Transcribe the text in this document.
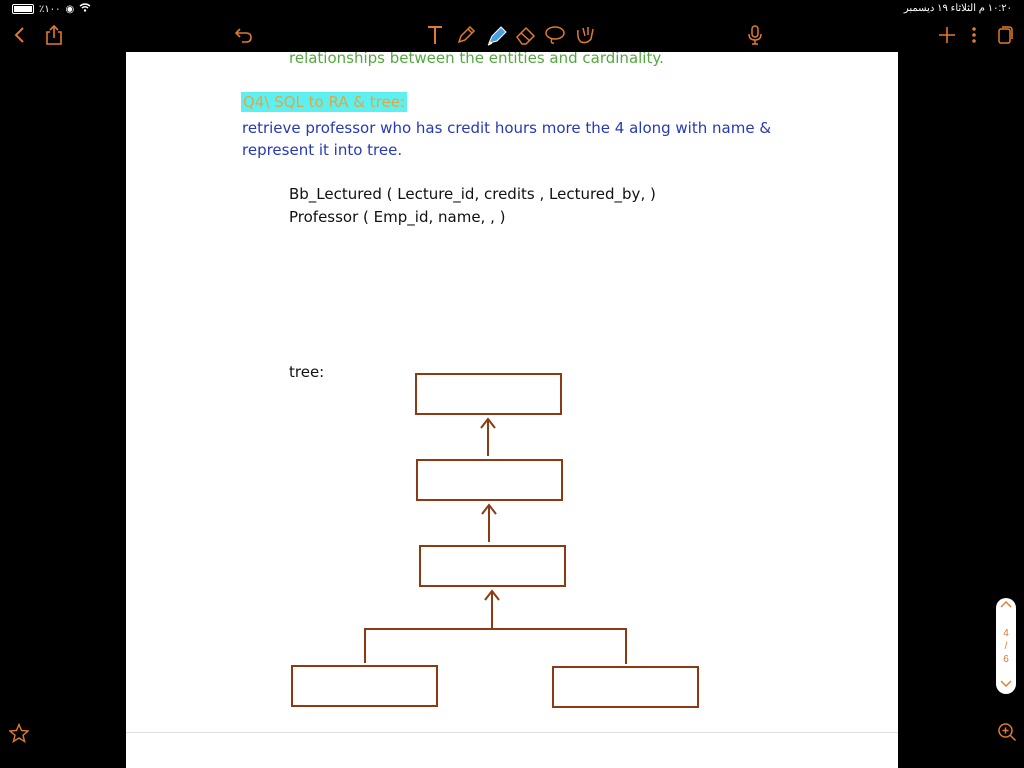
٪١٠٠ ◉	١٠:٢٠ م الثلاثاء ١٩ ديسمبر
relationships between the entities and cardinality.
Q4\ SQL to RA & tree:
retrieve professor who has credit hours more the 4 along with name &
represent it into tree.
Bb_Lectured ( Lecture_id, credits , Lectured_by, )
Professor ( Emp_id, name, , )
tree:
4
/
6
